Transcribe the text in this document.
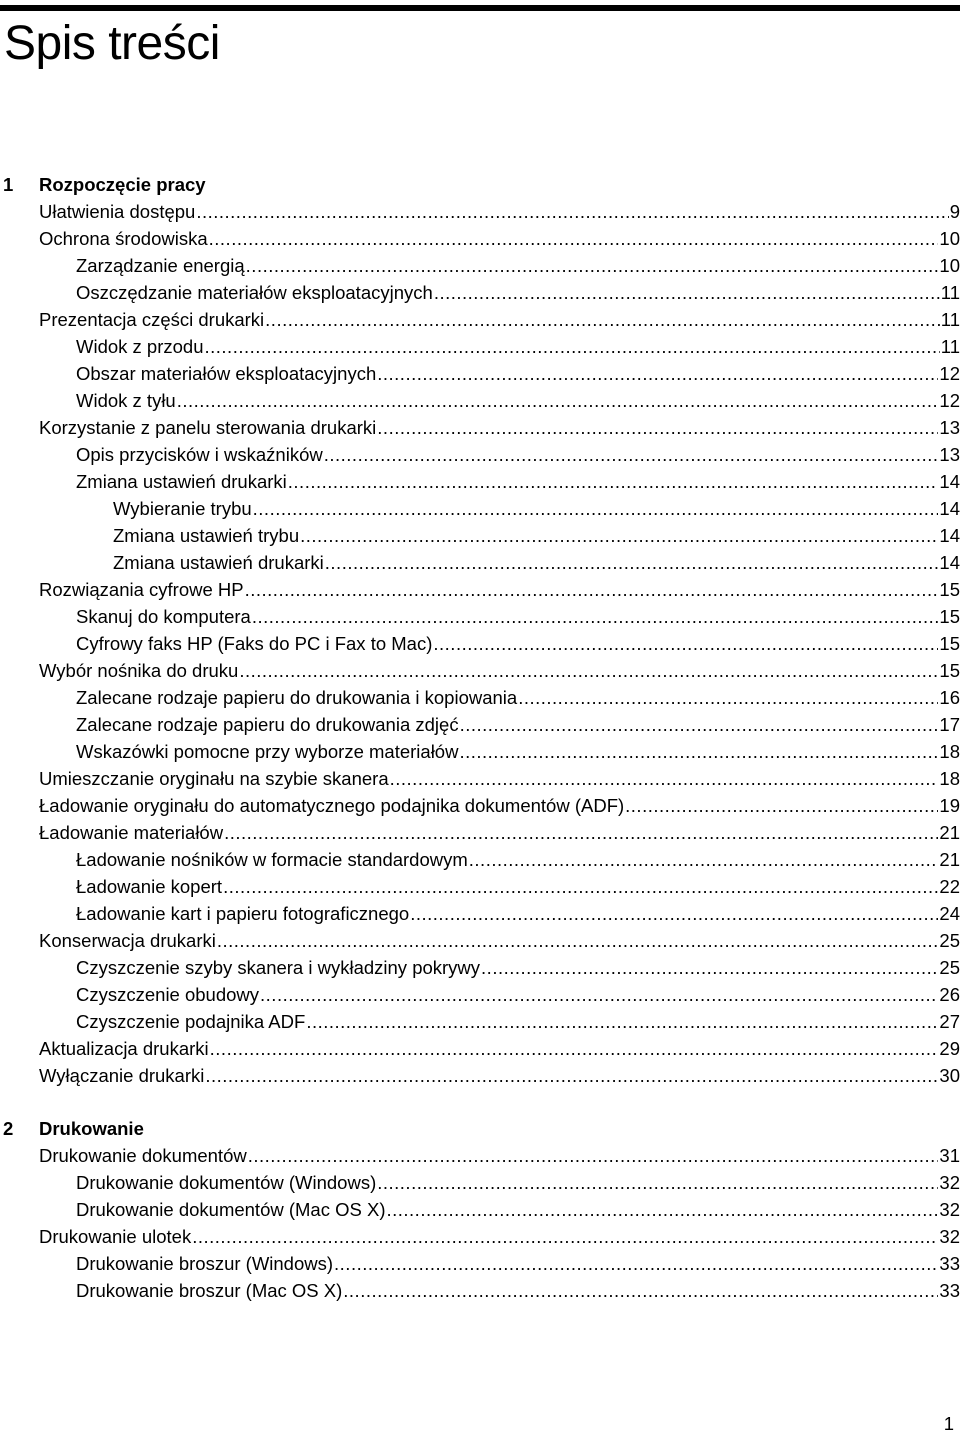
Spis treści
1	Rozpoczęcie pracy
Ułatwienia dostępu .....	9
Ochrona środowiska .....	10
Zarządzanie energią .....	10
Oszczędzanie materiałów eksploatacyjnych .....	11
Prezentacja części drukarki .....	11
Widok z przodu .....	11
Obszar materiałów eksploatacyjnych .....	12
Widok z tyłu .....	12
Korzystanie z panelu sterowania drukarki .....	13
Opis przycisków i wskaźników .....	13
Zmiana ustawień drukarki .....	14
Wybieranie trybu .....	14
Zmiana ustawień trybu .....	14
Zmiana ustawień drukarki .....	14
Rozwiązania cyfrowe HP .....	15
Skanuj do komputera .....	15
Cyfrowy faks HP (Faks do PC i Fax to Mac) .....	15
Wybór nośnika do druku .....	15
Zalecane rodzaje papieru do drukowania i kopiowania .....	16
Zalecane rodzaje papieru do drukowania zdjęć .....	17
Wskazówki pomocne przy wyborze materiałów .....	18
Umieszczanie oryginału na szybie skanera .....	18
Ładowanie oryginału do automatycznego podajnika dokumentów (ADF) .....	19
Ładowanie materiałów .....	21
Ładowanie nośników w formacie standardowym .....	21
Ładowanie kopert .....	22
Ładowanie kart i papieru fotograficznego .....	24
Konserwacja drukarki .....	25
Czyszczenie szyby skanera i wykładziny pokrywy .....	25
Czyszczenie obudowy .....	26
Czyszczenie podajnika ADF .....	27
Aktualizacja drukarki .....	29
Wyłączanie drukarki .....	30
2	Drukowanie
Drukowanie dokumentów .....	31
Drukowanie dokumentów (Windows) .....	32
Drukowanie dokumentów (Mac OS X) .....	32
Drukowanie ulotek .....	32
Drukowanie broszur (Windows) .....	33
Drukowanie broszur (Mac OS X) .....	33
1
